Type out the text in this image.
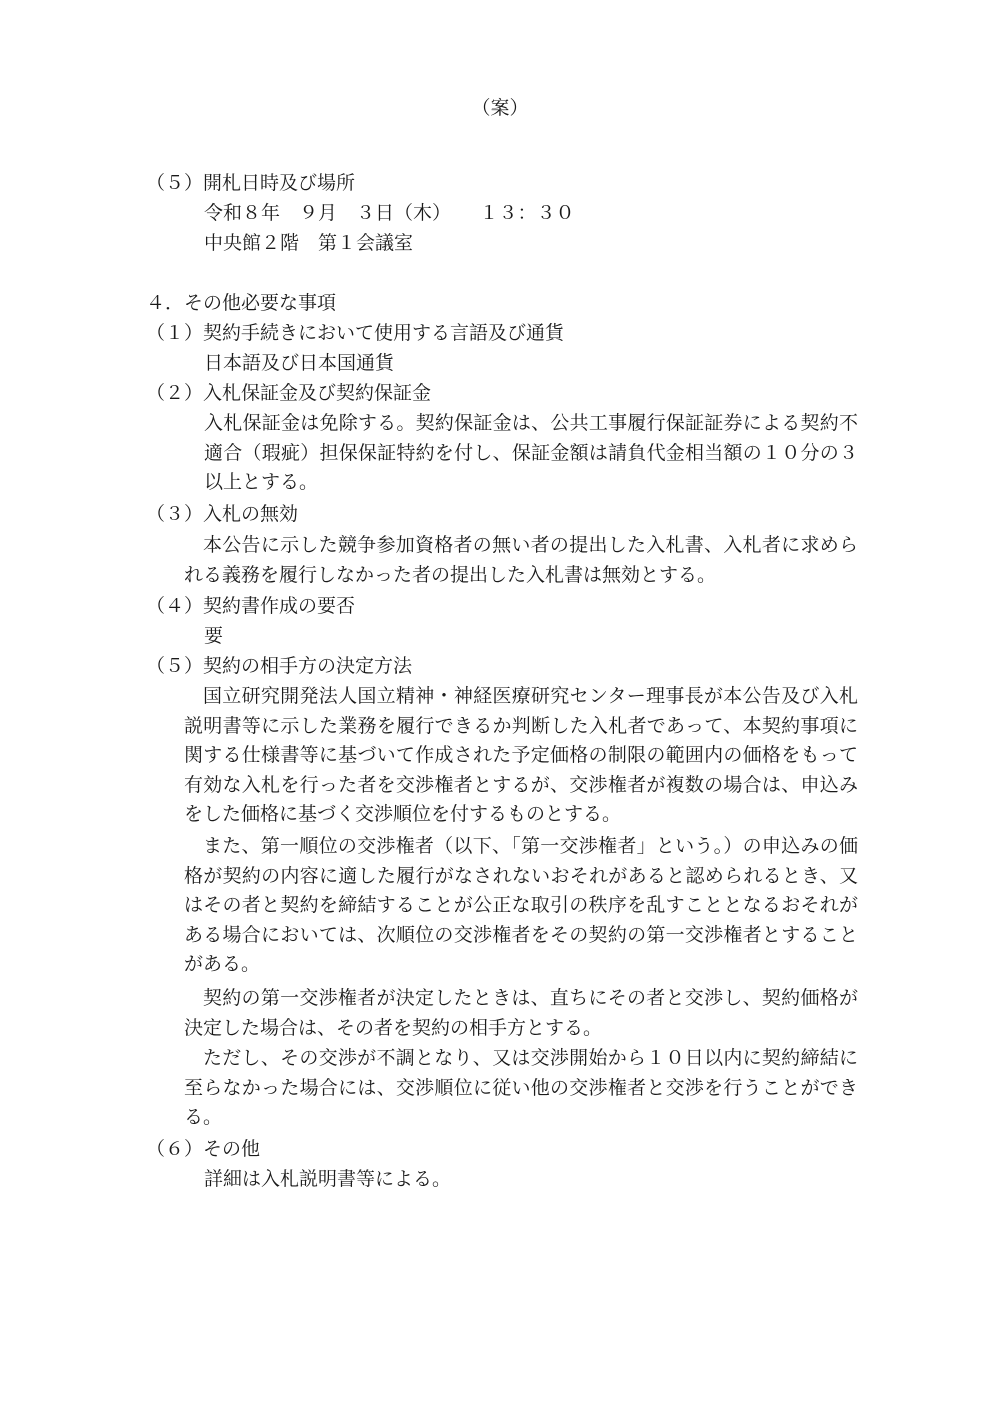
（案）
（５）開札日時及び場所
令和８年　９月　３日（木）　　１３：３０
中央館２階　第１会議室
４．その他必要な事項
（１）契約手続きにおいて使用する言語及び通貨
日本語及び日本国通貨
（２）入札保証金及び契約保証金
入札保証金は免除する。契約保証金は、公共工事履行保証証券による契約不適合（瑕疵）担保保証特約を付し、保証金額は請負代金相当額の１０分の３以上とする。
（３）入札の無効
本公告に示した競争参加資格者の無い者の提出した入札書、入札者に求められる義務を履行しなかった者の提出した入札書は無効とする。
（４）契約書作成の要否
要
（５）契約の相手方の決定方法
国立研究開発法人国立精神・神経医療研究センター理事長が本公告及び入札説明書等に示した業務を履行できるか判断した入札者であって、本契約事項に関する仕様書等に基づいて作成された予定価格の制限の範囲内の価格をもって有効な入札を行った者を交渉権者とするが、交渉権者が複数の場合は、申込みをした価格に基づく交渉順位を付するものとする。
また、第一順位の交渉権者（以下、「第一交渉権者」という。）の申込みの価格が契約の内容に適した履行がなされないおそれがあると認められるとき、又はその者と契約を締結することが公正な取引の秩序を乱すこととなるおそれがある場合においては、次順位の交渉権者をその契約の第一交渉権者とすることがある。
契約の第一交渉権者が決定したときは、直ちにその者と交渉し、契約価格が決定した場合は、その者を契約の相手方とする。
ただし、その交渉が不調となり、又は交渉開始から１０日以内に契約締結に至らなかった場合には、交渉順位に従い他の交渉権者と交渉を行うことができる。
（６）その他
詳細は入札説明書等による。
